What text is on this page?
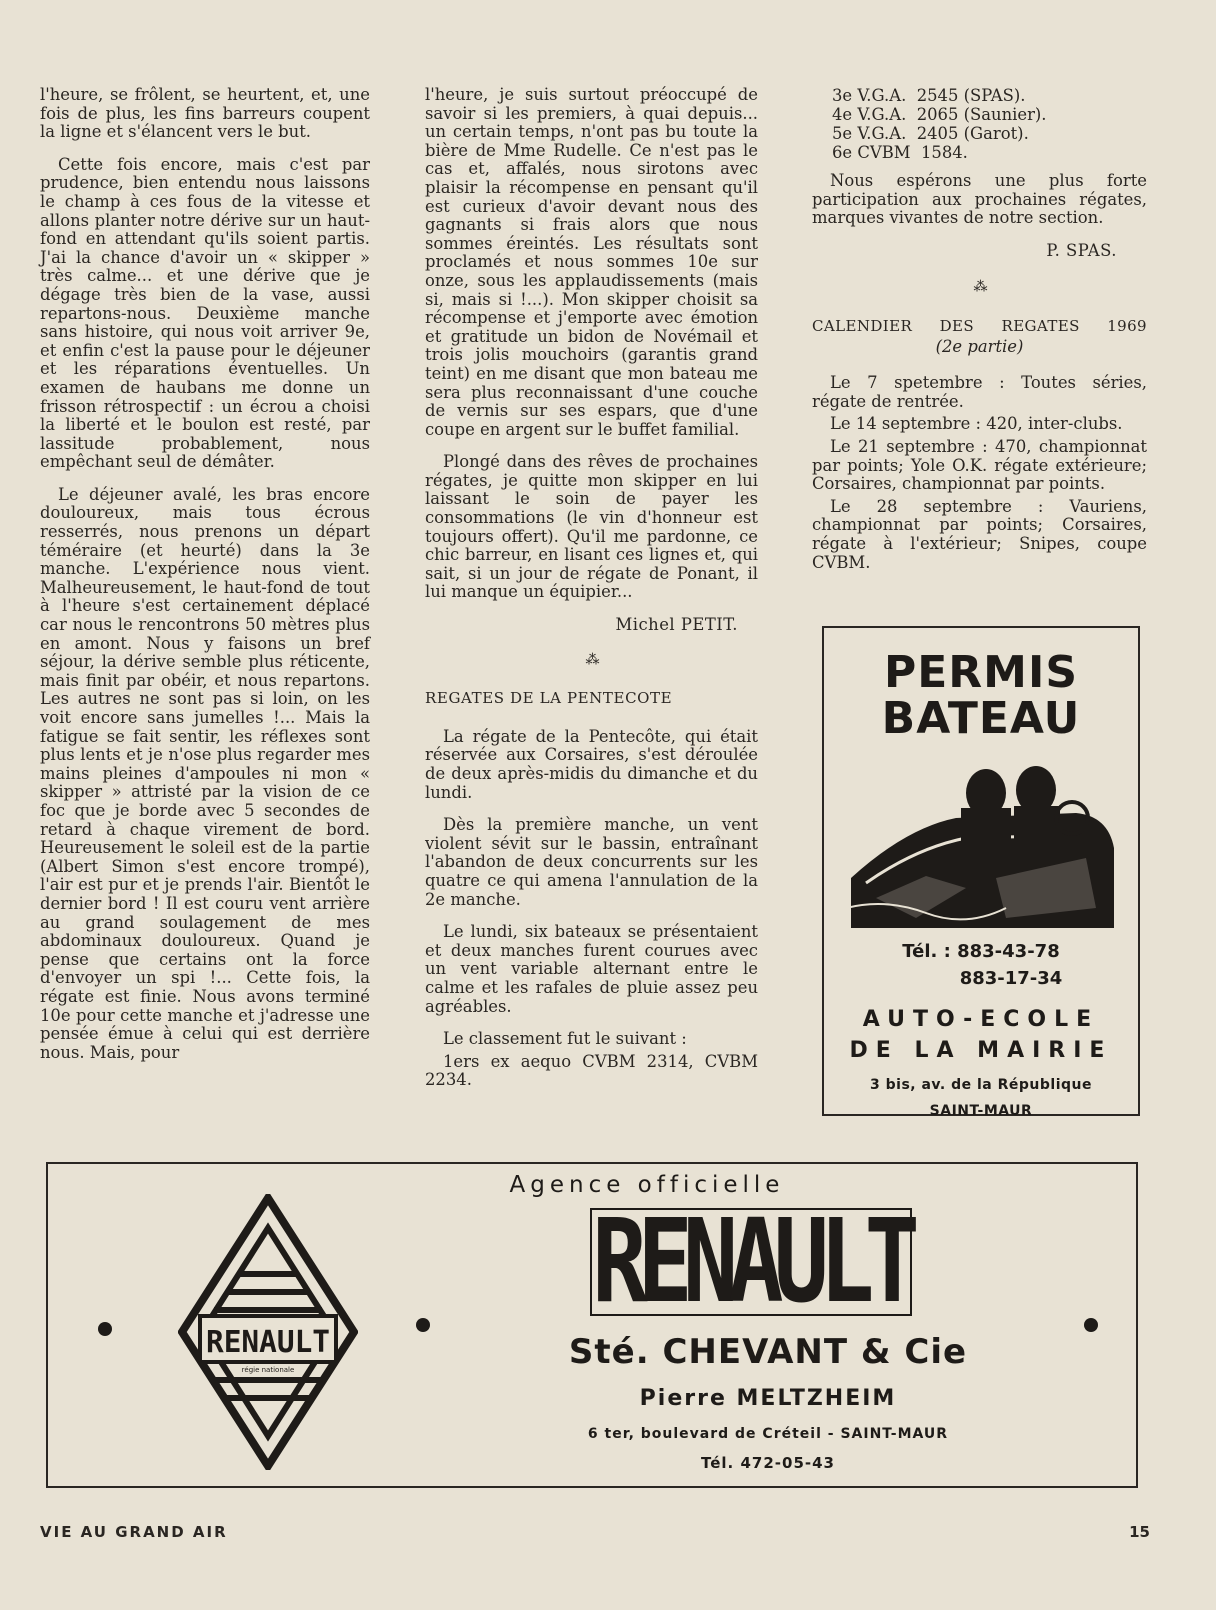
l'heure, se frôlent, se heurtent, et, une fois de plus, les fins barreurs coupent la ligne et s'élancent vers le but.

Cette fois encore, mais c'est par prudence, bien entendu nous laissons le champ à ces fous de la vitesse et allons planter notre dérive sur un haut-fond en attendant qu'ils soient partis. J'ai la chance d'avoir un « skipper » très calme... et une dérive que je dégage très bien de la vase, aussi repartons-nous. Deuxième manche sans histoire, qui nous voit arriver 9e, et enfin c'est la pause pour le déjeuner et les réparations éventuelles. Un examen de haubans me donne un frisson rétrospectif : un écrou a choisi la liberté et le boulon est resté, par lassitude probablement, nous empêchant seul de démâter.

Le déjeuner avalé, les bras encore douloureux, mais tous écrous resserrés, nous prenons un départ téméraire (et heurté) dans la 3e manche. L'expérience nous vient. Malheureusement, le haut-fond de tout à l'heure s'est certainement déplacé car nous le rencontrons 50 mètres plus en amont. Nous y faisons un bref séjour, la dérive semble plus réticente, mais finit par obéir, et nous repartons. Les autres ne sont pas si loin, on les voit encore sans jumelles !... Mais la fatigue se fait sentir, les réflexes sont plus lents et je n'ose plus regarder mes mains pleines d'ampoules ni mon « skipper » attristé par la vision de ce foc que je borde avec 5 secondes de retard à chaque virement de bord. Heureusement le soleil est de la partie (Albert Simon s'est encore trompé), l'air est pur et je prends l'air. Bientôt le dernier bord ! Il est couru vent arrière au grand soulagement de mes abdominaux douloureux. Quand je pense que certains ont la force d'envoyer un spi !... Cette fois, la régate est finie. Nous avons terminé 10e pour cette manche et j'adresse une pensée émue à celui qui est derrière nous. Mais, pour

l'heure, je suis surtout préoccupé de savoir si les premiers, à quai depuis... un certain temps, n'ont pas bu toute la bière de Mme Rudelle. Ce n'est pas le cas et, affalés, nous sirotons avec plaisir la récompense en pensant qu'il est curieux d'avoir devant nous des gagnants si frais alors que nous sommes éreintés. Les résultats sont proclamés et nous sommes 10e sur onze, sous les applaudissements (mais si, mais si !...). Mon skipper choisit sa récompense et j'emporte avec émotion et gratitude un bidon de Novémail et trois jolis mouchoirs (garantis grand teint) en me disant que mon bateau me sera plus reconnaissant d'une couche de vernis sur ses espars, que d'une coupe en argent sur le buffet familial.

Plongé dans des rêves de prochaines régates, je quitte mon skipper en lui laissant le soin de payer les consommations (le vin d'honneur est toujours offert). Qu'il me pardonne, ce chic barreur, en lisant ces lignes et, qui sait, si un jour de régate de Ponant, il lui manque un équipier...

Michel PETIT.
⁂
REGATES DE LA PENTECOTE

La régate de la Pentecôte, qui était réservée aux Corsaires, s'est déroulée de deux après-midis du dimanche et du lundi.

Dès la première manche, un vent violent sévit sur le bassin, entraînant l'abandon de deux concurrents sur les quatre ce qui amena l'annulation de la 2e manche.

Le lundi, six bateaux se présentaient et deux manches furent courues avec un vent variable alternant entre le calme et les rafales de pluie assez peu agréables.

Le classement fut le suivant :

1ers ex aequo CVBM 2314, CVBM 2234.

3e V.G.A.  2545 (SPAS).
4e V.G.A.  2065 (Saunier).
5e V.G.A.  2405 (Garot).
6e CVBM  1584.

Nous espérons une plus forte participation aux prochaines régates, marques vivantes de notre section.

P. SPAS.
⁂
CALENDIER DES REGATES 1969
(2e partie)

Le 7 spetembre : Toutes séries, régate de rentrée.

Le 14 septembre : 420, inter-clubs.

Le 21 septembre : 470, championnat par points; Yole O.K. régate extérieure; Corsaires, championnat par points.

Le 28 septembre : Vauriens, championnat par points; Corsaires, régate à l'extérieur; Snipes, coupe CVBM.

PERMIS
BATEAU
Tél. : 883-43-78
883-17-34
AUTO-ECOLE
DE LA MAIRIE
3 bis, av. de la République
SAINT-MAUR
Agence officielle
RENAULT
régie nationale
RENAULT
Sté. CHEVANT & Cie
Pierre MELTZHEIM
6 ter, boulevard de Créteil - SAINT-MAUR
Tél. 472-05-43
VIE AU GRAND AIR	15
